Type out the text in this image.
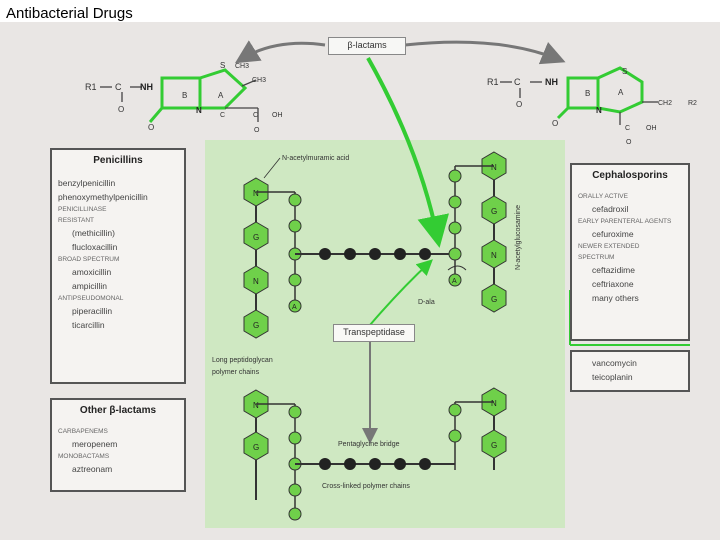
Antibacterial Drugs
R1 C NH
O
B	A
N
S CH3
CH3
O
C OH
O
C
R1 C	NH
O
B	A
N
S
CH2 R2
O
C OH
O
N
G
N
G
A
N
G
N
G
A
D-ala
N-acetylmuramic acid
N-acetylglucosamine
Long peptidoglycan
polymer chains
N
G
N
G
Pentaglycine bridge
Cross-linked polymer chains
β-lactams
Transpeptidase
Penicillins
benzylpenicillin
phenoxymethylpenicillin
PENICILLINASE
RESISTANT
(methicillin)
flucloxacillin
BROAD SPECTRUM
amoxicillin
ampicillin
ANTIPSEUDOMONAL
piperacillin
ticarcillin
Other β-lactams
CARBAPENEMS
meropenem
MONOBACTAMS
aztreonam
Cephalosporins
ORALLY ACTIVE
cefadroxil
EARLY PARENTERAL AGENTS
cefuroxime
NEWER EXTENDED
SPECTRUM
ceftazidime
ceftriaxone
many others
vancomycin
teicoplanin
